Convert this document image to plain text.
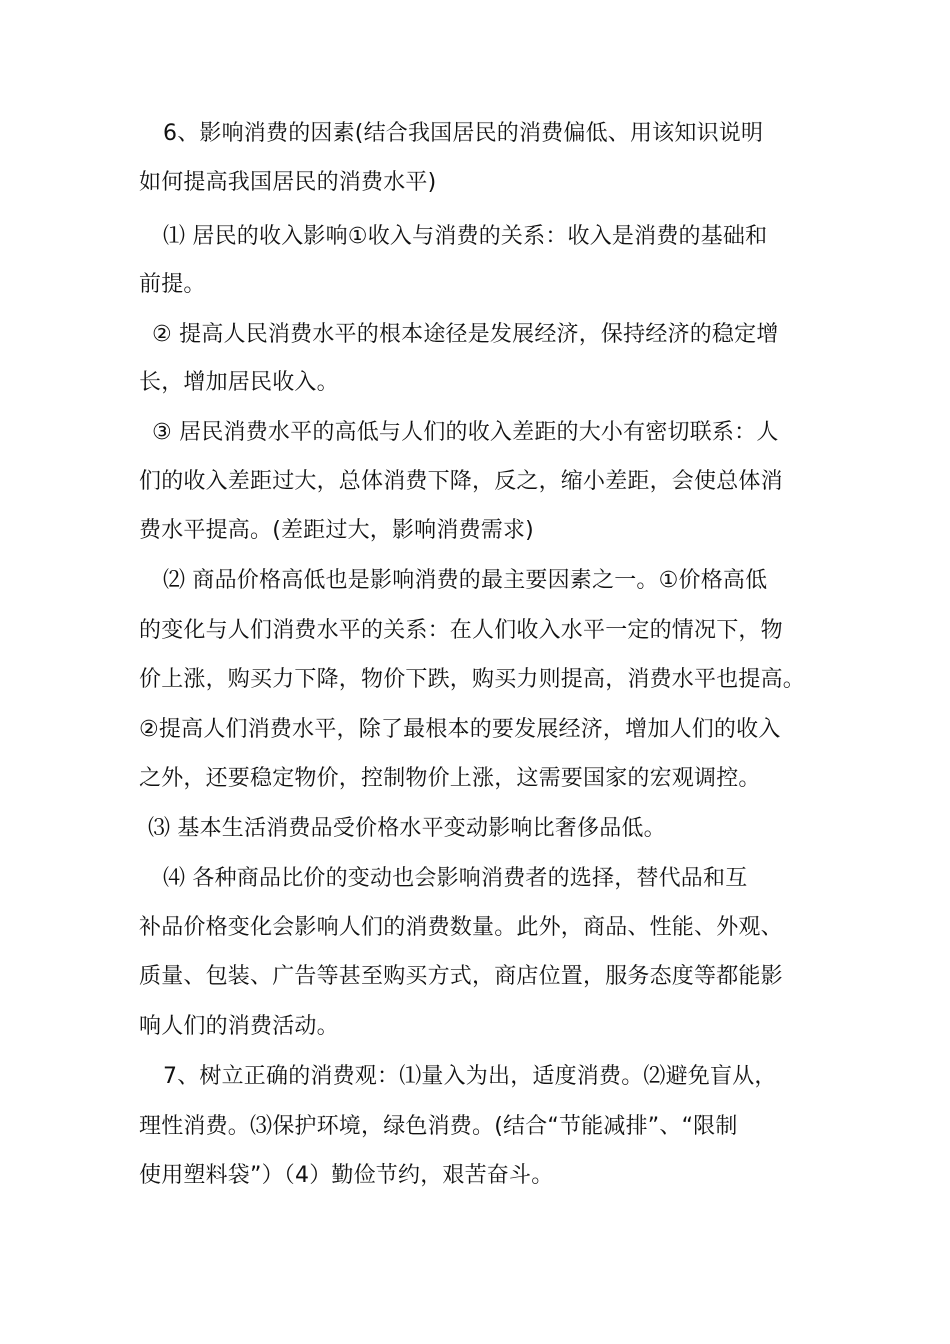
6、影响消费的因素(结合我国居民的消费偏低、用该知识说明
如何提高我国居民的消费水平)
⑴ 居民的收入影响①收入与消费的关系：收入是消费的基础和
前提。
② 提高人民消费水平的根本途径是发展经济，保持经济的稳定增
长，增加居民收入。
③ 居民消费水平的高低与人们的收入差距的大小有密切联系：人
们的收入差距过大，总体消费下降，反之，缩小差距，会使总体消
费水平提高。(差距过大，影响消费需求)
⑵ 商品价格高低也是影响消费的最主要因素之一。①价格高低
的变化与人们消费水平的关系：在人们收入水平一定的情况下，物
价上涨，购买力下降，物价下跌，购买力则提高，消费水平也提高。
②提高人们消费水平，除了最根本的要发展经济，增加人们的收入
之外，还要稳定物价，控制物价上涨，这需要国家的宏观调控。
⑶ 基本生活消费品受价格水平变动影响比奢侈品低。
⑷ 各种商品比价的变动也会影响消费者的选择，替代品和互
补品价格变化会影响人们的消费数量。此外，商品、性能、外观、
质量、包装、广告等甚至购买方式，商店位置，服务态度等都能影
响人们的消费活动。
7、树立正确的消费观：⑴量入为出，适度消费。⑵避免盲从，
理性消费。⑶保护环境，绿色消费。(结合“节能减排”、“限制
使用塑料袋”）（4）勤俭节约，艰苦奋斗。
